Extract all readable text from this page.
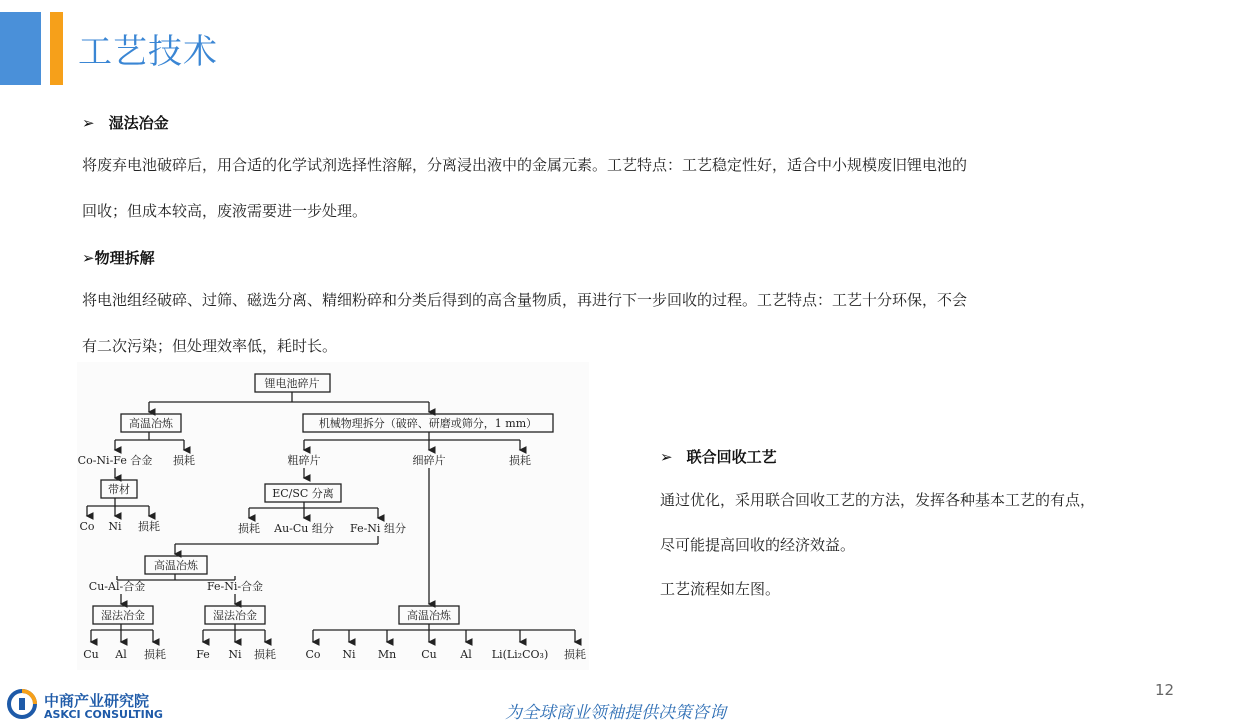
工艺技术
➢ 湿法冶金
将废弃电池破碎后，用合适的化学试剂选择性溶解，分离浸出液中的金属元素。工艺特点：工艺稳定性好，适合中小规模废旧锂电池的
回收；但成本较高，废液需要进一步处理。
➢物理拆解
将电池组经破碎、过筛、磁选分离、精细粉碎和分类后得到的高含量物质，再进行下一步回收的过程。工艺特点：工艺十分环保，不会
有二次污染；但处理效率低，耗时长。
➢ 联合回收工艺
通过优化，采用联合回收工艺的方法，发挥各种基本工艺的有点，
尽可能提高回收的经济效益。
工艺流程如左图。
锂电池碎片
高温冶炼	机械物理拆分（破碎、研磨或筛分，1 mm）
Co-Ni-Fe 合金 损耗	粗碎片	细碎片	损耗
带材	EC/SC 分离
Co Ni 损耗	损耗 Au-Cu 组分 Fe-Ni 组分
高温冶炼
Cu-Al-合金	Fe-Ni-合金
湿法冶金	湿法冶金	高温冶炼
Cu Al 损耗	Fe Ni 损耗	Co Ni Mn Cu Al Li(Li₂CO₃) 损耗
中商产业研究院
ASKCI CONSULTING	为全球商业领袖提供决策咨询
12
